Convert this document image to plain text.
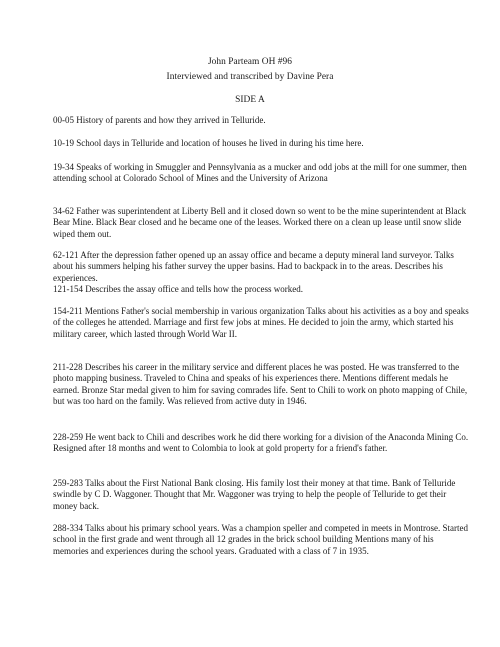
John Parteam OH #96
Interviewed and transcribed by Davine Pera
SIDE A

00-05 History of parents and how they arrived in Telluride.

10-19 School days in Telluride and location of houses he lived in during his time here.

19-34 Speaks of working in Smuggler and Pennsylvania as a mucker and odd jobs at the mill for one summer, then attending school at Colorado School of Mines and the University of Arizona

34-62 Father was superintendent at Liberty Bell and it closed down so went to be the mine superintendent at Black Bear Mine. Black Bear closed and he became one of the leases. Worked there on a clean up lease until snow slide wiped them out.

62-121 After the depression father opened up an assay office and became a deputy mineral land surveyor. Talks about his summers helping his father survey the upper basins. Had to backpack in to the areas. Describes his experiences.

121-154 Describes the assay office and tells how the process worked.

154-211 Mentions Father's social membership in various organization Talks about his activities as a boy and speaks of the colleges he attended. Marriage and first few jobs at mines. He decided to join the army, which started his military career, which lasted through World War II.

211-228 Describes his career in the military service and different places he was posted. He was transferred to the photo mapping business. Traveled to China and speaks of his experiences there. Mentions different medals he earned. Bronze Star medal given to him for saving comrades life. Sent to Chili to work on photo mapping of Chile, but was too hard on the family. Was relieved from active duty in 1946.

228-259 He went back to Chili and describes work he did there working for a division of the Anaconda Mining Co. Resigned after 18 months and went to Colombia to look at gold property for a friend's father.

259-283 Talks about the First National Bank closing. His family lost their money at that time. Bank of Telluride swindle by C D. Waggoner. Thought that Mr. Waggoner was trying to help the people of Telluride to get their money back.

288-334 Talks about his primary school years. Was a champion speller and competed in meets in Montrose. Started school in the first grade and went through all 12 grades in the brick school building Mentions many of his memories and experiences during the school years. Graduated with a class of 7 in 1935.
